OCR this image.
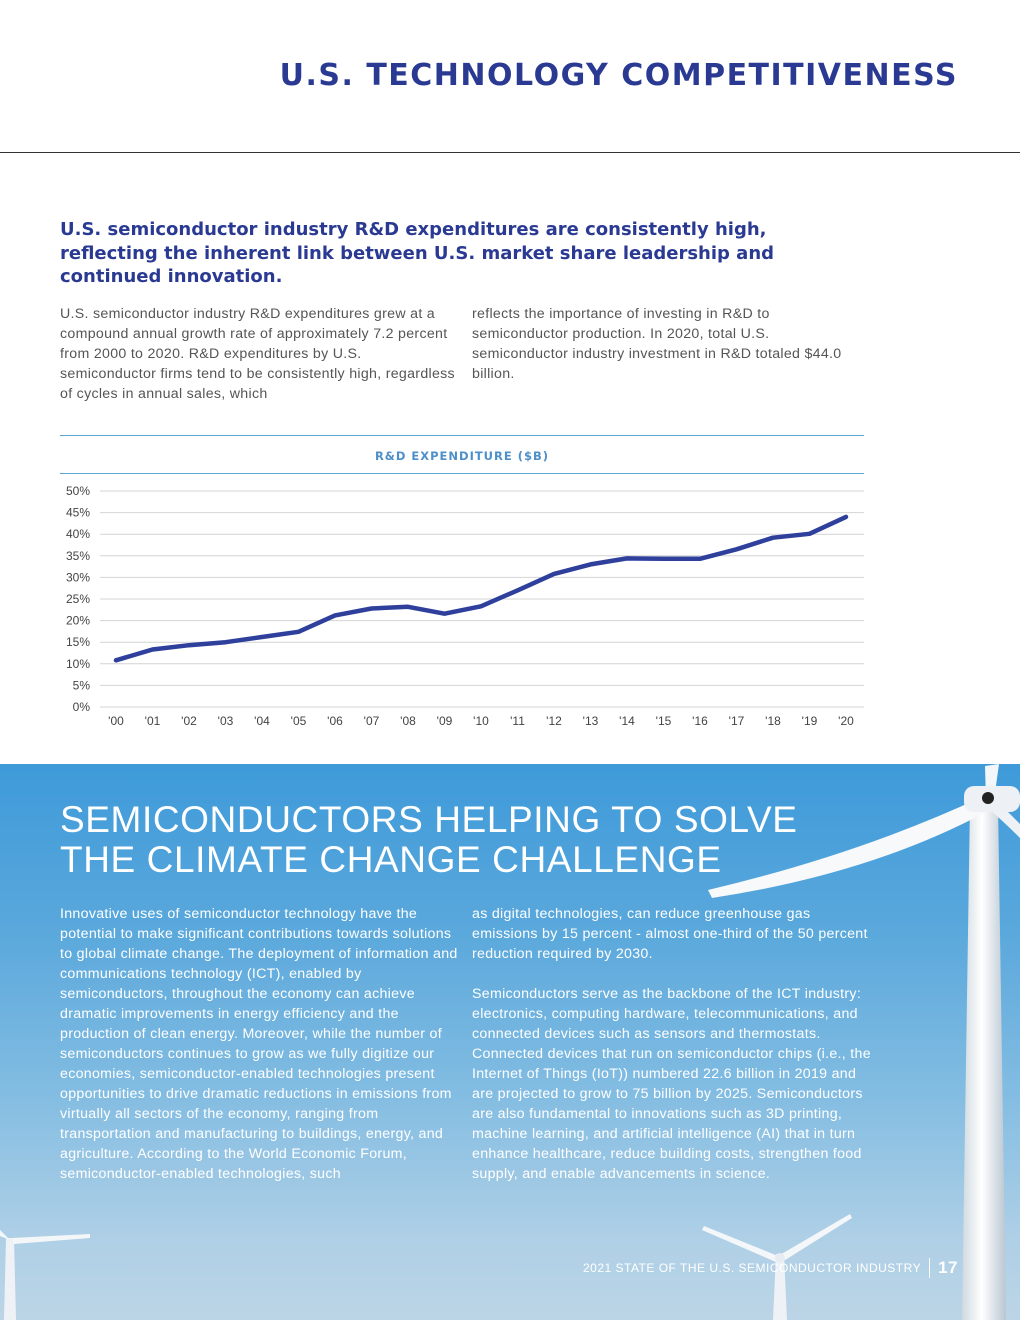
U.S. TECHNOLOGY COMPETITIVENESS
U.S. semiconductor industry R&D expenditures are consistently high, reflecting the inherent link between U.S. market share leadership and continued innovation.
U.S. semiconductor industry R&D expenditures grew at a compound annual growth rate of approximately 7.2 percent from 2000 to 2020. R&D expenditures by U.S. semiconductor firms tend to be consistently high, regardless of cycles in annual sales, which
reflects the importance of investing in R&D to semiconductor production. In 2020, total U.S. semiconductor industry investment in R&D totaled $44.0 billion.
R&D EXPENDITURE ($B)
0%
5%
10%
15%
20%
25%
30%
35%
40%
45%
50%
'00 '01 '02 '03 '04 '05 '06 '07 '08 '09 '10 '11 '12 '13 '14 '15 '16 '17 '18 '19 '20
SEMICONDUCTORS HELPING TO SOLVE
THE CLIMATE CHANGE CHALLENGE
Innovative uses of semiconductor technology have the potential to make significant contributions towards solutions to global climate change. The deployment of information and communications technology (ICT), enabled by semiconductors, throughout the economy can achieve dramatic improvements in energy efficiency and the production of clean energy. Moreover, while the number of semiconductors continues to grow as we fully digitize our economies, semiconductor-enabled technologies present opportunities to drive dramatic reductions in emissions from virtually all sectors of the economy, ranging from transportation and manufacturing to buildings, energy, and agriculture. According to the World Economic Forum, semiconductor-enabled technologies, such

as digital technologies, can reduce greenhouse gas emissions by 15 percent - almost one-third of the 50 percent reduction required by 2030.

Semiconductors serve as the backbone of the ICT industry: electronics, computing hardware, telecommunications, and connected devices such as sensors and thermostats. Connected devices that run on semiconductor chips (i.e., the Internet of Things (IoT)) numbered 22.6 billion in 2019 and are projected to grow to 75 billion by 2025. Semiconductors are also fundamental to innovations such as 3D printing, machine learning, and artificial intelligence (AI) that in turn enhance healthcare, reduce building costs, strengthen food supply, and enable advancements in science.

2021 STATE OF THE U.S. SEMICONDUCTOR INDUSTRY 17
